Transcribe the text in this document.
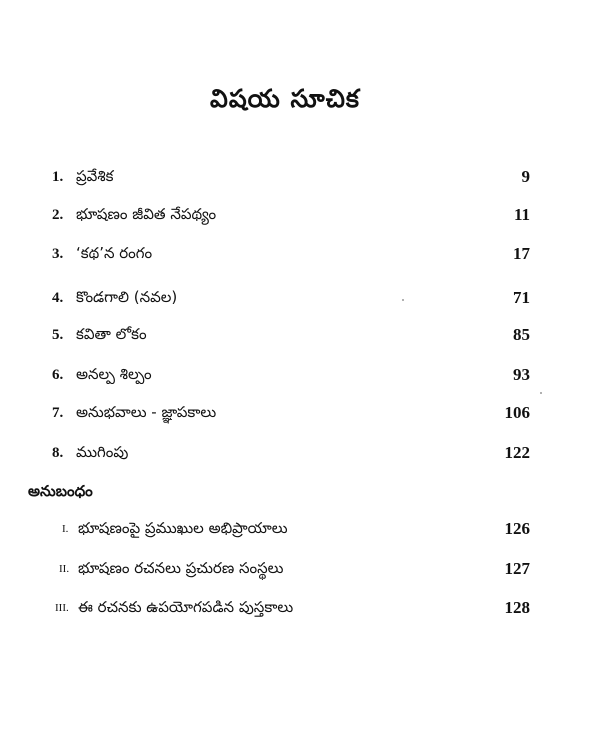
విషయ సూచిక
1. ప్రవేశిక	9
2. భూషణం జీవిత నేపథ్యం	11
3. ‘కథ’న రంగం	17
4. కొండగాలి (నవల)	71
5. కవితా లోకం	85
6. అనల్ప శిల్పం	93
7. అనుభవాలు - జ్ఞాపకాలు	106
8. ముగింపు	122
అనుబంధం
I. భూషణంపై ప్రముఖుల అభిప్రాయాలు	126
II. భూషణం రచనలు ప్రచురణ సంస్థలు	127
III. ఈ రచనకు ఉపయోగపడిన పుస్తకాలు	128
